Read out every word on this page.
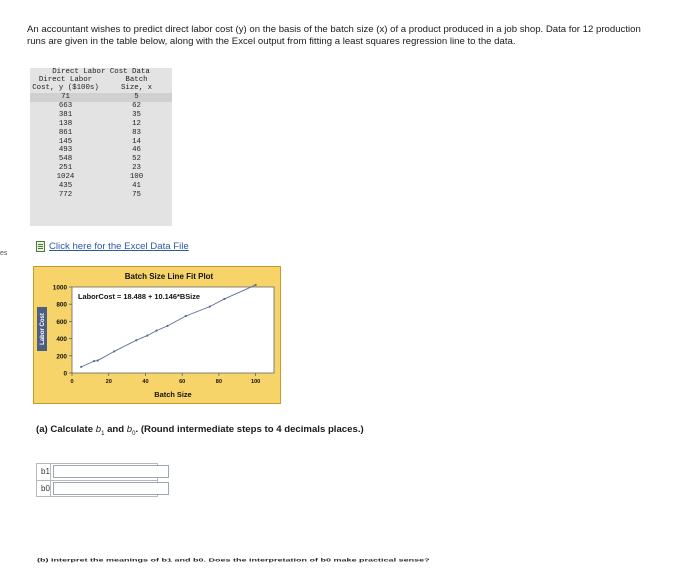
es

An accountant wishes to predict direct labor cost (y) on the basis of the batch size (x) of a product produced in a job shop. Data for 12 production runs are given in the table below, along with the Excel output from fitting a least squares regression line to the data.

Direct Labor Cost Data
Direct Labor	Batch
Cost, y ($100s)	Size, x
71	5
663	62
381	35
138	12
861	83
145	14
493	46
548	52
251	23
1024	100
435	41
772	75
Click here for the Excel Data File
Batch Size Line Fit Plot
LaborCost = 18.488 + 10.146*BSize
Labor Cost
Batch Size
0
200
400
600
800
1000
0	20	40	60	80	100
(a) Calculate $b_1$ and $b_0$. (Round intermediate steps to 4 decimals places.)
b1
b0
(b) Interpret the meanings of b1 and b0. Does the interpretation of b0 make practical sense?
